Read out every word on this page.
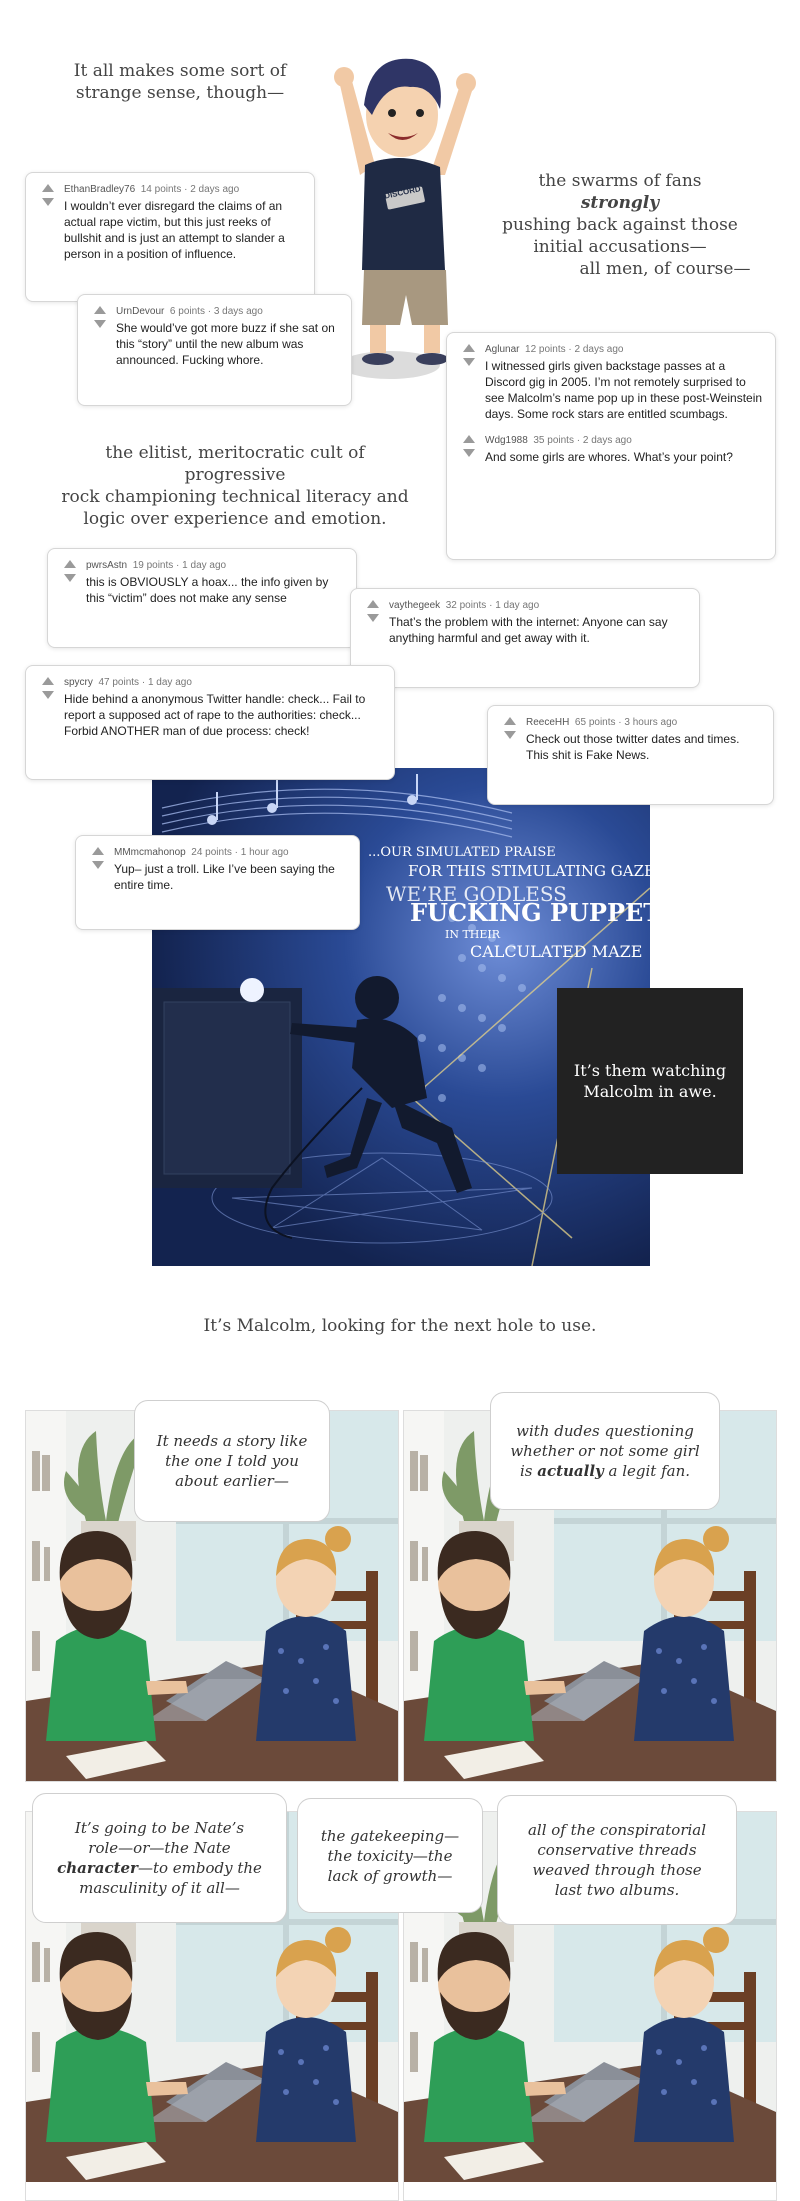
It all makes some sort of
strange sense, though—
DISCORD
the swarms of fans strongly
pushing back against those
initial accusations—
all men, of course—
the elitist, meritocratic cult of progressive
rock championing technical literacy and
logic over experience and emotion.
EthanBradley76 14 points · 2 days ago
I wouldn’t ever disregard the claims of an actual rape victim, but this just reeks of bullshit and is just an attempt to slander a person in a position of influence.
UrnDevour 6 points · 3 days ago
She would’ve got more buzz if she sat on this “story” until the new album was announced. Fucking whore.
Aglunar 12 points · 2 days ago
I witnessed girls given backstage passes at a Discord gig in 2005. I’m not remotely surprised to see Malcolm’s name pop up in these post-Weinstein days. Some rock stars are entitled scumbags.
Wdg1988 35 points · 2 days ago
And some girls are whores. What’s your point?
pwrsAstn 19 points · 1 day ago
this is OBVIOUSLY a hoax... the info given by this “victim” does not make any sense
vaythegeek 32 points · 1 day ago
That’s the problem with the internet: Anyone can say anything harmful and get away with it.
...OUR SIMULATED PRAISE
FOR THIS STIMULATING GAZE
WE’RE GODLESS
FUCKING PUPPETS
IN THEIR
CALCULATED MAZE
spycry 47 points · 1 day ago
Hide behind a anonymous Twitter handle: check... Fail to report a supposed act of rape to the authorities: check... Forbid ANOTHER man of due process: check!
ReeceHH 65 points · 3 hours ago
Check out those twitter dates and times. This shit is Fake News.
MMmcmahonop 24 points · 1 hour ago
Yup– just a troll. Like I’ve been saying the entire time.
It’s them watching
Malcolm in awe.
It’s Malcolm, looking for the next hole to use.
It needs a story like
the one I told you
about earlier—
with dudes questioning
whether or not some girl
is actually a legit fan.
It’s going to be Nate’s
role—or—the Nate
character—to embody the
masculinity of it all—
the gatekeeping—
the toxicity—the
lack of growth—
all of the conspiratorial
conservative threads
weaved through those
last two albums.
